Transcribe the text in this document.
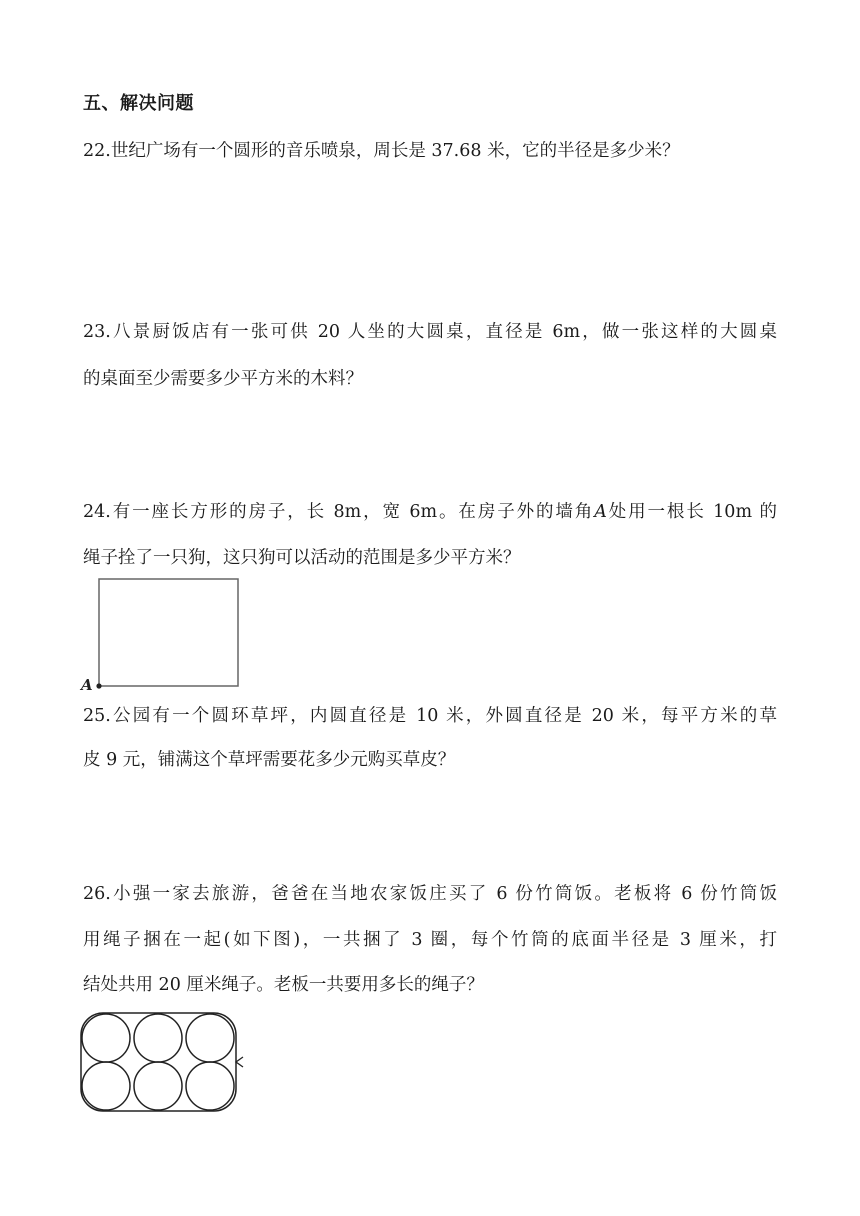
五、解决问题
22.世纪广场有一个圆形的音乐喷泉，周长是 37.68 米，它的半径是多少米？
23.八景厨饭店有一张可供 20 人坐的大圆桌，直径是 6m，做一张这样的大圆桌
的桌面至少需要多少平方米的木料？
24.有一座长方形的房子，长 8m，宽 6m。在房子外的墙角A处用一根长 10m 的
绳子拴了一只狗，这只狗可以活动的范围是多少平方米？
A
25.公园有一个圆环草坪，内圆直径是 10 米，外圆直径是 20 米，每平方米的草
皮 9 元，铺满这个草坪需要花多少元购买草皮？
26.小强一家去旅游，爸爸在当地农家饭庄买了 6 份竹筒饭。老板将 6 份竹筒饭
用绳子捆在一起(如下图)，一共捆了 3 圈，每个竹筒的底面半径是 3 厘米，打
结处共用 20 厘米绳子。老板一共要用多长的绳子？
